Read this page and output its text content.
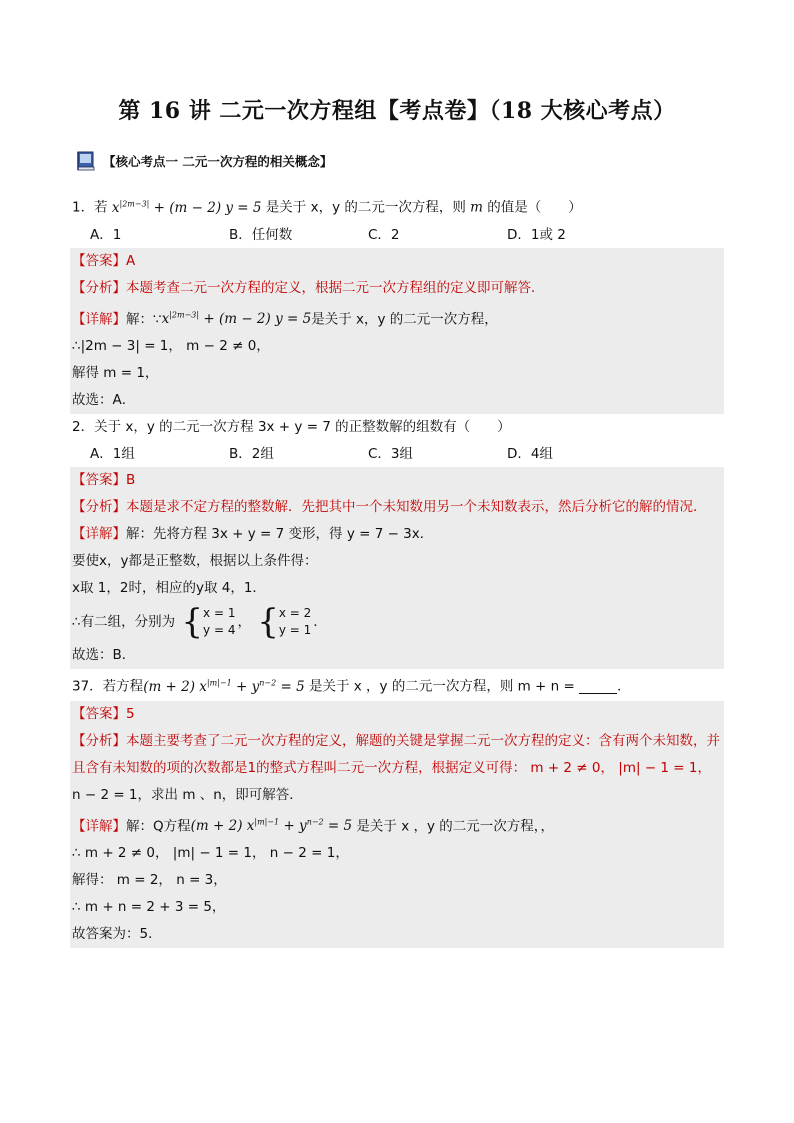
第 16 讲 二元一次方程组【考点卷】（18 大核心考点）
【核心考点一 二元一次方程的相关概念】
1．若 $x^{|2m-3|} + (m - 2) y = 5$ 是关于 x，y 的二元一次方程，则 m 的值是（　　）
A．1	B．任何数	C．2	D．1或 2
【答案】A
【分析】本题考查二元一次方程的定义，根据二元一次方程组的定义即可解答．
【详解】解：$\because x^{|2m-3|} + (m - 2) y = 5$是关于 x，y 的二元一次方程，
∴|2m − 3| = 1， m − 2 ≠ 0，
解得 m = 1，
故选：A．
2．关于 x，y 的二元一次方程 3x + y = 7 的正整数解的组数有（　　）
A．1组	B．2组	C．3组	D．4组
【答案】B
【分析】本题是求不定方程的整数解．先把其中一个未知数用另一个未知数表示，然后分析它的解的情况．
【详解】解：先将方程 3x + y = 7 变形，得 y = 7 − 3x．
要使x，y都是正整数，根据以上条件得：
x取 1，2时，相应的y取 4，1．
∴有二组，分别为 { x = 1
y = 4 ， { x = 2
y = 1 ．
故选：B．
37．若方程(m + 2) $x^{|m|-1} + y^{n-2} = 5$ 是关于 x ，y 的二元一次方程，则 m + n =	．
【答案】5
【分析】本题主要考查了二元一次方程的定义，解题的关键是掌握二元一次方程的定义：含有两个未知数，并且含有未知数的项的次数都是1的整式方程叫二元一次方程，根据定义可得： m + 2 ≠ 0， |m| − 1 = 1，
n − 2 = 1，求出 m 、n，即可解答．
【详解】解：Q方程(m + 2) $x^{|m|-1} + y^{n-2} = 5$ 是关于 x ，y 的二元一次方程，，
∴ m + 2 ≠ 0， |m| − 1 = 1， n − 2 = 1，
解得： m = 2， n = 3，
∴ m + n = 2 + 3 = 5，
故答案为：5．
